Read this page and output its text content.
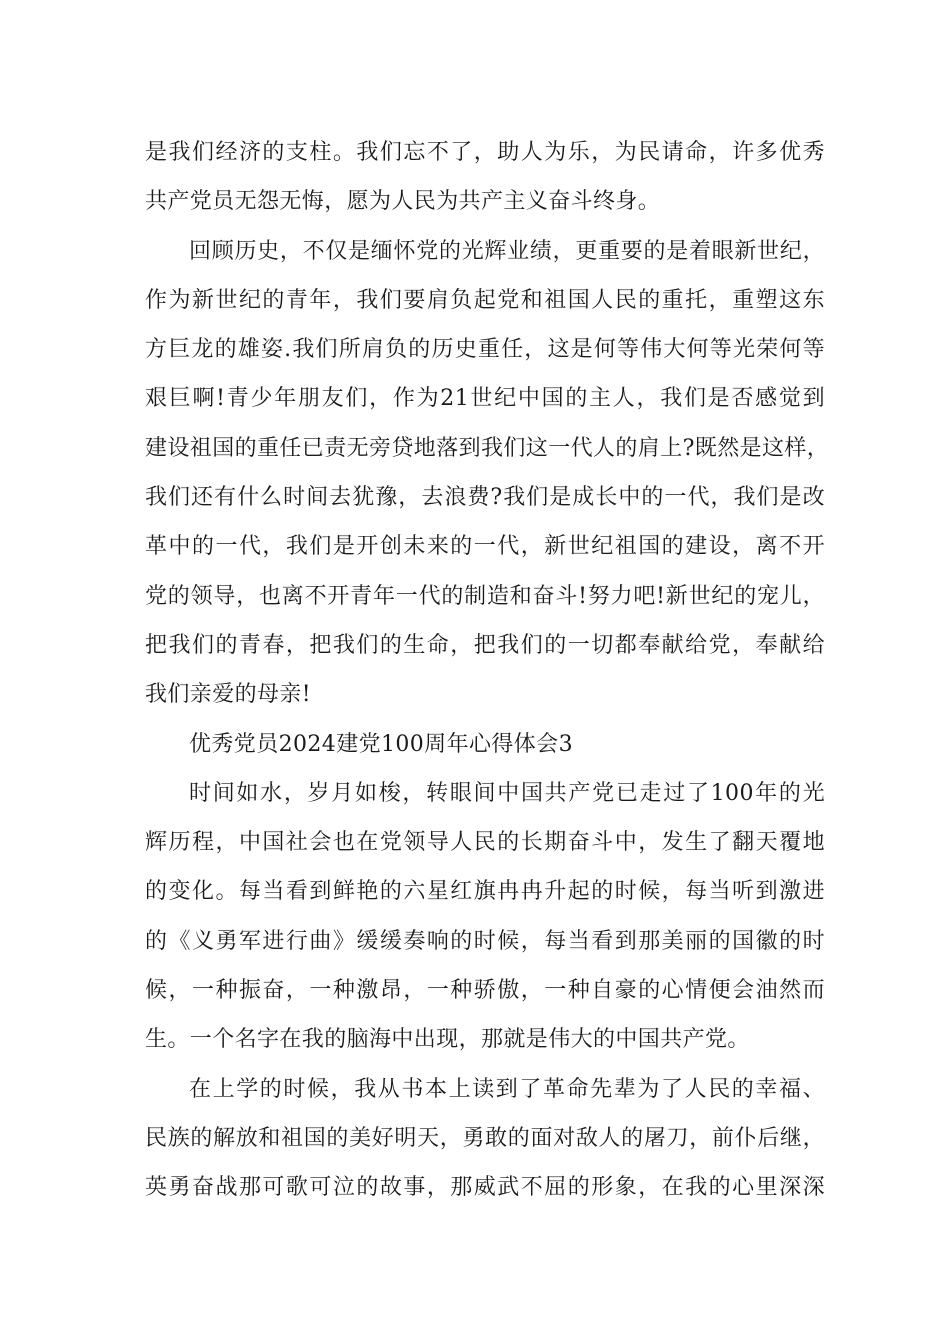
是我们经济的支柱。我们忘不了，助人为乐，为民请命，许多优秀
共产党员无怨无悔，愿为人民为共产主义奋斗终身。
回顾历史，不仅是缅怀党的光辉业绩，更重要的是着眼新世纪，
作为新世纪的青年，我们要肩负起党和祖国人民的重托，重塑这东
方巨龙的雄姿.我们所肩负的历史重任，这是何等伟大何等光荣何等
艰巨啊!青少年朋友们，作为21世纪中国的主人，我们是否感觉到
建设祖国的重任已责无旁贷地落到我们这一代人的肩上?既然是这样，
我们还有什么时间去犹豫，去浪费?我们是成长中的一代，我们是改
革中的一代，我们是开创未来的一代，新世纪祖国的建设，离不开
党的领导，也离不开青年一代的制造和奋斗!努力吧!新世纪的宠儿，
把我们的青春，把我们的生命，把我们的一切都奉献给党，奉献给
我们亲爱的母亲!
优秀党员2024建党100周年心得体会3
时间如水，岁月如梭，转眼间中国共产党已走过了100年的光
辉历程，中国社会也在党领导人民的长期奋斗中，发生了翻天覆地
的变化。每当看到鲜艳的六星红旗冉冉升起的时候，每当听到激进
的《义勇军进行曲》缓缓奏响的时候，每当看到那美丽的国徽的时
候，一种振奋，一种激昂，一种骄傲，一种自豪的心情便会油然而
生。一个名字在我的脑海中出现，那就是伟大的中国共产党。
在上学的时候，我从书本上读到了革命先辈为了人民的幸福、
民族的解放和祖国的美好明天，勇敢的面对敌人的屠刀，前仆后继，
英勇奋战那可歌可泣的故事，那威武不屈的形象，在我的心里深深
